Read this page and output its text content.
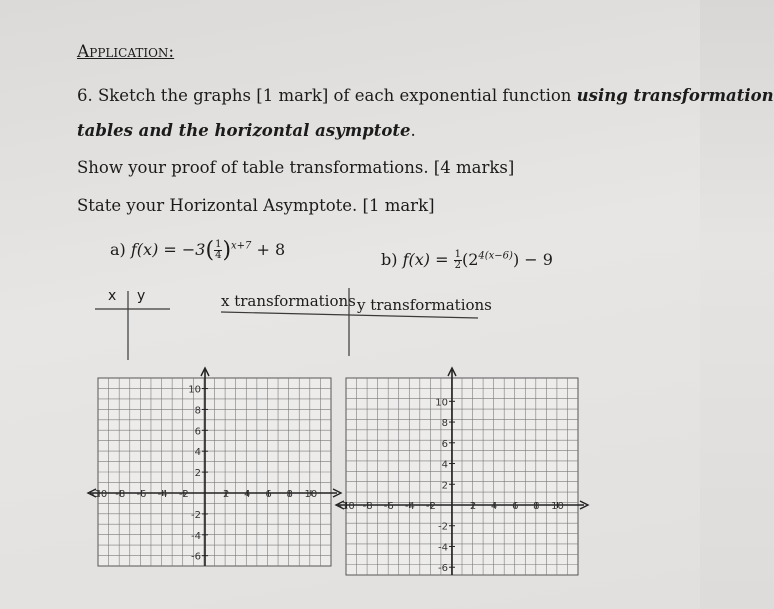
Application:
6. Sketch the graphs [1 mark] of each exponential function using transformation
tables and the horizontal asymptote.
Show your proof of table transformations. [4 marks]
State your Horizontal Asymptote. [1 mark]
a) $f(x) = -3( \frac{1}{4} )^{x+7} + 8$
b) $f(x) = \frac{1}{2} (2^{4(x-6)}) - 9$
x y	x transformations y transformations
10
8
6
4
2
-2
-4
-6
-10 -8 -6 -4 -2	2 4 6 8 10
10
8
6
4
2
-2
-4
-6
-10 -8 -6 -4 -2	2 4 6 8 10
